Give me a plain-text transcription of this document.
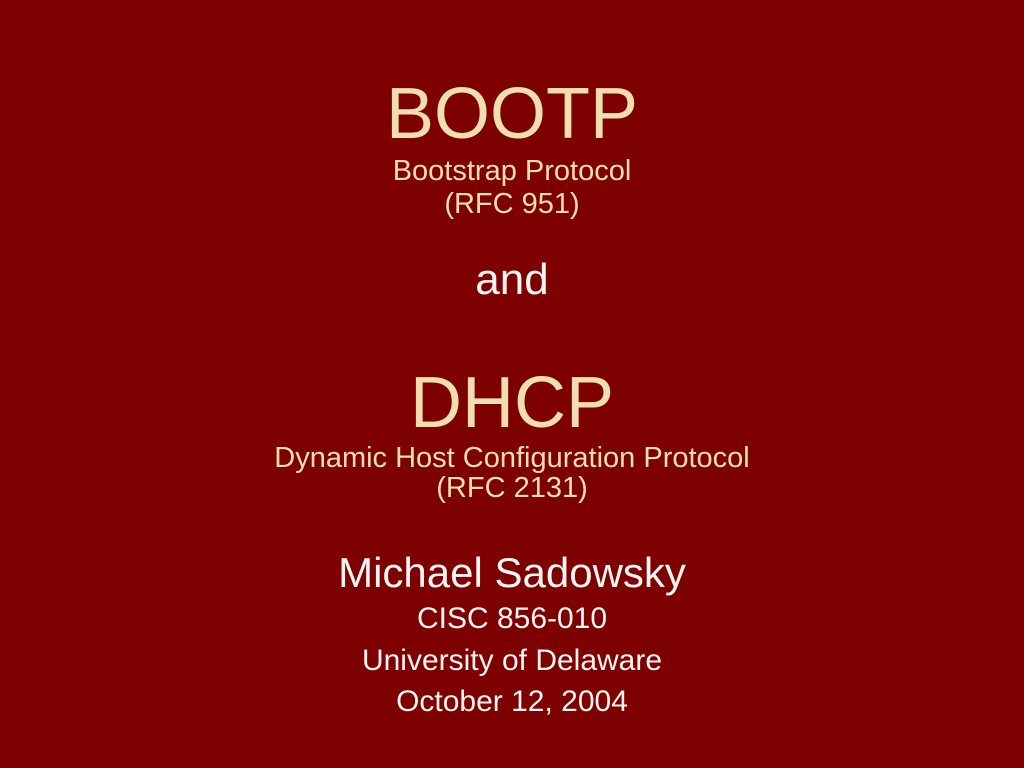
BOOTP
Bootstrap Protocol
(RFC 951)
and
DHCP
Dynamic Host Configuration Protocol
(RFC 2131)
Michael Sadowsky
CISC 856-010
University of Delaware
October 12, 2004
